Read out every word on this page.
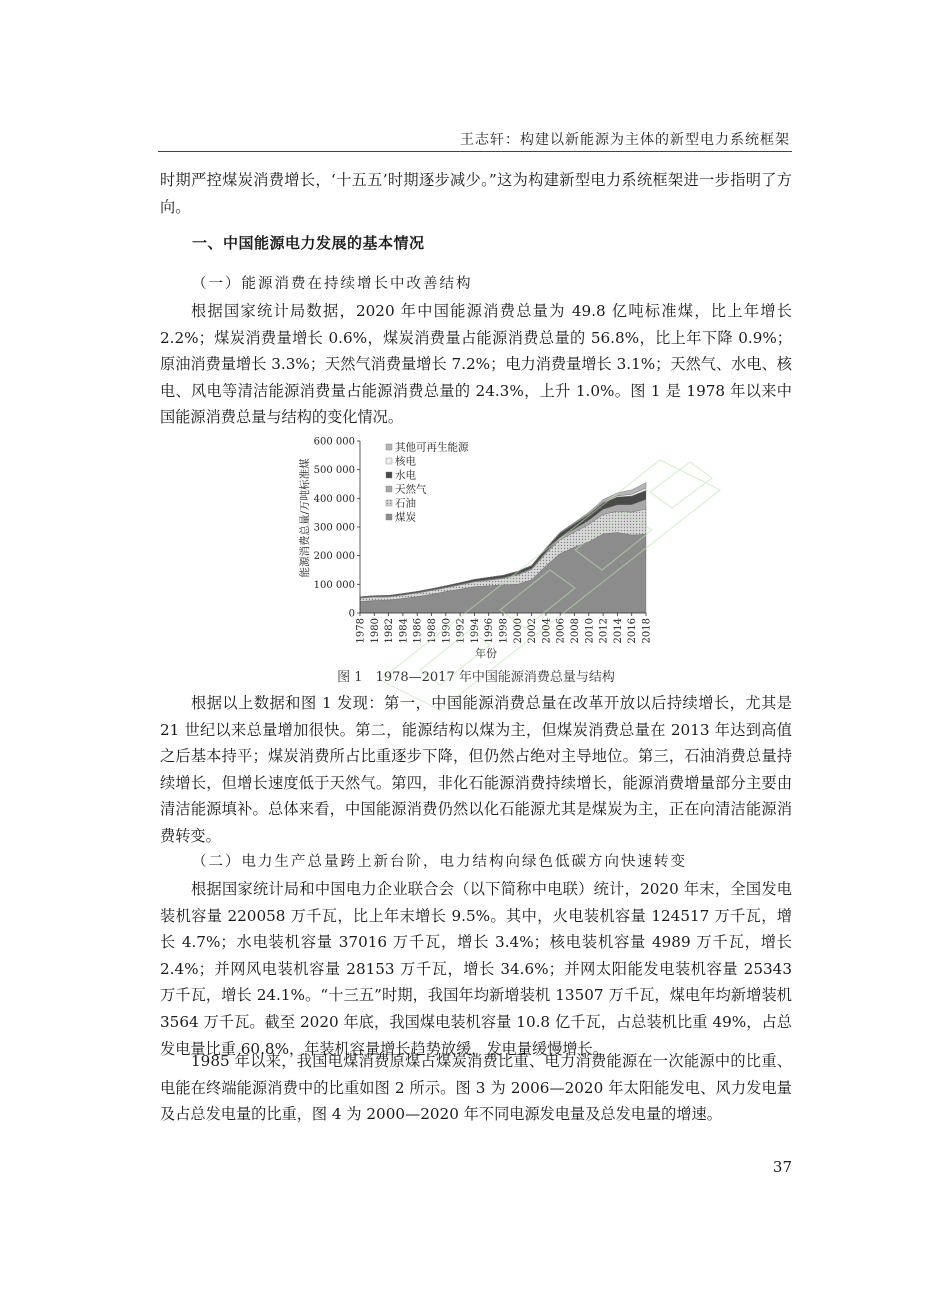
王志轩：构建以新能源为主体的新型电力系统框架

时期严控煤炭消费增长，‘十五五’时期逐步减少。”这为构建新型电力系统框架进一步指明了方向。

一、中国能源电力发展的基本情况

（一）能源消费在持续增长中改善结构

根据国家统计局数据，2020 年中国能源消费总量为 49.8 亿吨标准煤，比上年增长 2.2%；煤炭消费量增长 0.6%，煤炭消费量占能源消费总量的 56.8%，比上年下降 0.9%；原油消费量增长 3.3%；天然气消费量增长 7.2%；电力消费量增长 3.1%；天然气、水电、核电、风电等清洁能源消费量占能源消费总量的 24.3%，上升 1.0%。图 1 是 1978 年以来中国能源消费总量与结构的变化情况。

0
100 000
200 000
300 000
400 000
500 000
600 000
1978 1980 1982 1984 1986 1988 1990 1992 1994 1996 1998 2000 2002 2004 2006 2008 2010 2012 2014 2016 2018
其他可再生能源
核电
水电
天然气
石油
煤炭
能源消费总量/万吨标准煤
年份
图 1　1978—2017 年中国能源消费总量与结构

根据以上数据和图 1 发现：第一，中国能源消费总量在改革开放以后持续增长，尤其是 21 世纪以来总量增加很快。第二，能源结构以煤为主，但煤炭消费总量在 2013 年达到高值之后基本持平；煤炭消费所占比重逐步下降，但仍然占绝对主导地位。第三，石油消费总量持续增长，但增长速度低于天然气。第四，非化石能源消费持续增长，能源消费增量部分主要由清洁能源填补。总体来看，中国能源消费仍然以化石能源尤其是煤炭为主，正在向清洁能源消费转变。

（二）电力生产总量跨上新台阶，电力结构向绿色低碳方向快速转变

根据国家统计局和中国电力企业联合会（以下简称中电联）统计，2020 年末，全国发电装机容量 220058 万千瓦，比上年末增长 9.5%。其中，火电装机容量 124517 万千瓦，增长 4.7%；水电装机容量 37016 万千瓦，增长 3.4%；核电装机容量 4989 万千瓦，增长 2.4%；并网风电装机容量 28153 万千瓦，增长 34.6%；并网太阳能发电装机容量 25343 万千瓦，增长 24.1%。“十三五”时期，我国年均新增装机 13507 万千瓦，煤电年均新增装机 3564 万千瓦。截至 2020 年底，我国煤电装机容量 10.8 亿千瓦，占总装机比重 49%，占总发电量比重 60.8%，年装机容量增长趋势放缓，发电量缓慢增长。

1985 年以来，我国电煤消费原煤占煤炭消费比重、电力消费能源在一次能源中的比重、电能在终端能源消费中的比重如图 2 所示。图 3 为 2006—2020 年太阳能发电、风力发电量及占总发电量的比重，图 4 为 2000—2020 年不同电源发电量及总发电量的增速。

37
